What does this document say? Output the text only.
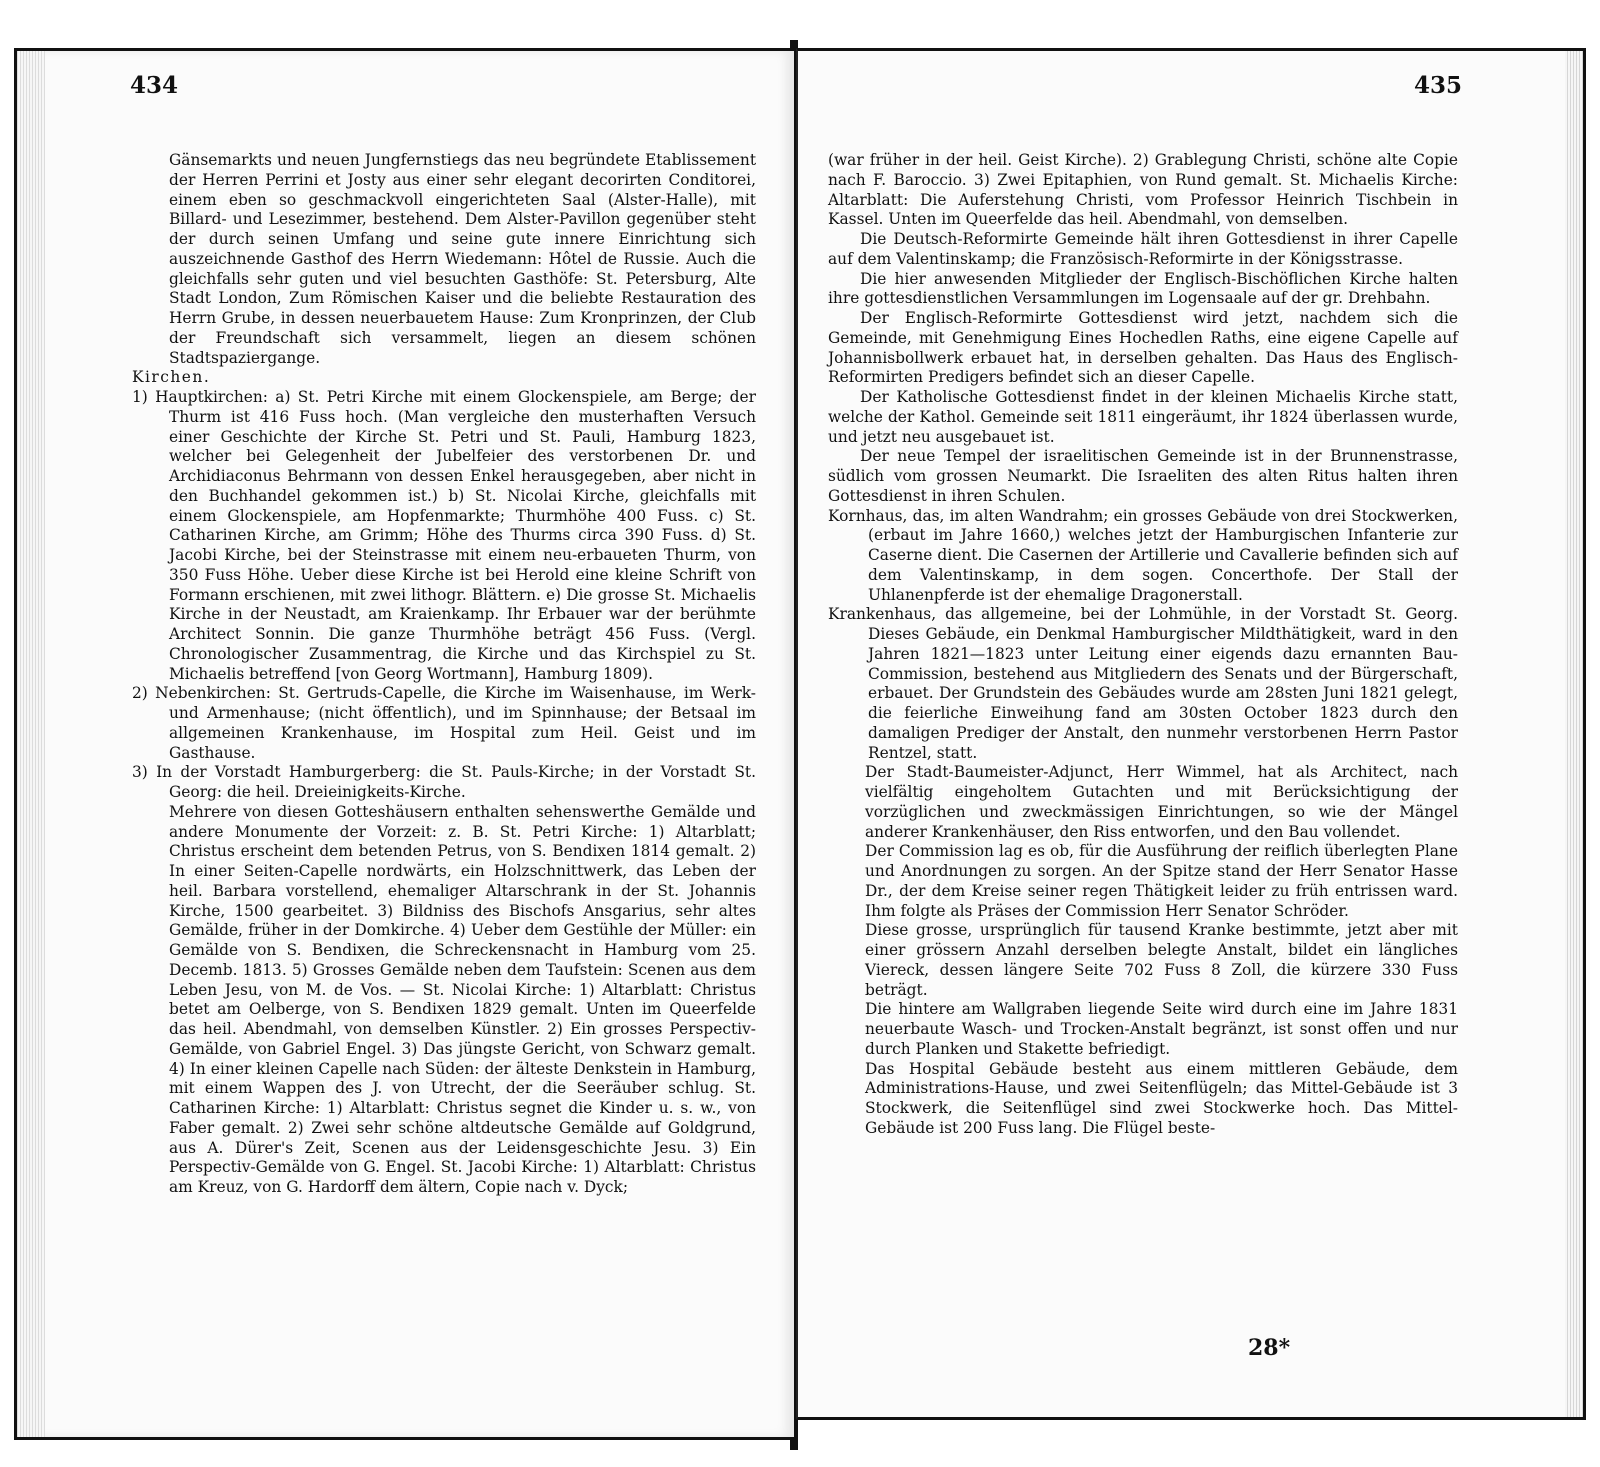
434	435

Gänsemarkts und neuen Jungfernstiegs das neu begründete Etablissement der Herren Perrini et Josty aus einer sehr elegant decorirten Conditorei, einem eben so geschmackvoll eingerichteten Saal (Alster-Halle), mit Billard- und Lesezimmer, bestehend. Dem Alster-Pavillon gegenüber steht der durch seinen Umfang und seine gute innere Einrichtung sich auszeichnende Gasthof des Herrn Wiedemann: Hôtel de Russie. Auch die gleichfalls sehr guten und viel besuchten Gasthöfe: St. Petersburg, Alte Stadt London, Zum Römischen Kaiser und die beliebte Restauration des Herrn Grube, in dessen neuerbauetem Hause: Zum Kronprinzen, der Club der Freundschaft sich versammelt, liegen an diesem schönen Stadtspaziergange.

Kirchen.

1) Hauptkirchen: a) St. Petri Kirche mit einem Glockenspiele, am Berge; der Thurm ist 416 Fuss hoch. (Man vergleiche den musterhaften Versuch einer Geschichte der Kirche St. Petri und St. Pauli, Hamburg 1823, welcher bei Gelegenheit der Jubelfeier des verstorbenen Dr. und Archidiaconus Behrmann von dessen Enkel herausgegeben, aber nicht in den Buchhandel gekommen ist.) b) St. Nicolai Kirche, gleichfalls mit einem Glockenspiele, am Hopfenmarkte; Thurmhöhe 400 Fuss. c) St. Catharinen Kirche, am Grimm; Höhe des Thurms circa 390 Fuss. d) St. Jacobi Kirche, bei der Steinstrasse mit einem neu-erbaueten Thurm, von 350 Fuss Höhe. Ueber diese Kirche ist bei Herold eine kleine Schrift von Formann erschienen, mit zwei lithogr. Blättern. e) Die grosse St. Michaelis Kirche in der Neustadt, am Kraienkamp. Ihr Erbauer war der berühmte Architect Sonnin. Die ganze Thurmhöhe beträgt 456 Fuss. (Vergl. Chronologischer Zusammentrag, die Kirche und das Kirchspiel zu St. Michaelis betreffend [von Georg Wortmann], Hamburg 1809).

2) Nebenkirchen: St. Gertruds-Capelle, die Kirche im Waisenhause, im Werk- und Armenhause; (nicht öffentlich), und im Spinnhause; der Betsaal im allgemeinen Krankenhause, im Hospital zum Heil. Geist und im Gasthause.

3) In der Vorstadt Hamburgerberg: die St. Pauls-Kirche; in der Vorstadt St. Georg: die heil. Dreieinigkeits-Kirche.

Mehrere von diesen Gotteshäusern enthalten sehenswerthe Gemälde und andere Monumente der Vorzeit: z. B. St. Petri Kirche: 1) Altarblatt; Christus erscheint dem betenden Petrus, von S. Bendixen 1814 gemalt. 2) In einer Seiten-Capelle nordwärts, ein Holzschnittwerk, das Leben der heil. Barbara vorstellend, ehemaliger Altarschrank in der St. Johannis Kirche, 1500 gearbeitet. 3) Bildniss des Bischofs Ansgarius, sehr altes Gemälde, früher in der Domkirche. 4) Ueber dem Gestühle der Müller: ein Gemälde von S. Bendixen, die Schreckensnacht in Hamburg vom 25. Decemb. 1813. 5) Grosses Gemälde neben dem Taufstein: Scenen aus dem Leben Jesu, von M. de Vos. — St. Nicolai Kirche: 1) Altarblatt: Christus betet am Oelberge, von S. Bendixen 1829 gemalt. Unten im Queerfelde das heil. Abendmahl, von demselben Künstler. 2) Ein grosses Perspectiv-Gemälde, von Gabriel Engel. 3) Das jüngste Gericht, von Schwarz gemalt. 4) In einer kleinen Capelle nach Süden: der älteste Denkstein in Hamburg, mit einem Wappen des J. von Utrecht, der die Seeräuber schlug. St. Catharinen Kirche: 1) Altarblatt: Christus segnet die Kinder u. s. w., von Faber gemalt. 2) Zwei sehr schöne altdeutsche Gemälde auf Goldgrund, aus A. Dürer's Zeit, Scenen aus der Leidensgeschichte Jesu. 3) Ein Perspectiv-Gemälde von G. Engel. St. Jacobi Kirche: 1) Altarblatt: Christus am Kreuz, von G. Hardorff dem ältern, Copie nach v. Dyck;

(war früher in der heil. Geist Kirche). 2) Grablegung Christi, schöne alte Copie nach F. Baroccio. 3) Zwei Epitaphien, von Rund gemalt. St. Michaelis Kirche: Altarblatt: Die Auferstehung Christi, vom Professor Heinrich Tischbein in Kassel. Unten im Queerfelde das heil. Abendmahl, von demselben.

Die Deutsch-Reformirte Gemeinde hält ihren Gottesdienst in ihrer Capelle auf dem Valentinskamp; die Französisch-Reformirte in der Königsstrasse.

Die hier anwesenden Mitglieder der Englisch-Bischöflichen Kirche halten ihre gottesdienstlichen Versammlungen im Logensaale auf der gr. Drehbahn.

Der Englisch-Reformirte Gottesdienst wird jetzt, nachdem sich die Gemeinde, mit Genehmigung Eines Hochedlen Raths, eine eigene Capelle auf Johannisbollwerk erbauet hat, in derselben gehalten. Das Haus des Englisch-Reformirten Predigers befindet sich an dieser Capelle.

Der Katholische Gottesdienst findet in der kleinen Michaelis Kirche statt, welche der Kathol. Gemeinde seit 1811 eingeräumt, ihr 1824 überlassen wurde, und jetzt neu ausgebauet ist.

Der neue Tempel der israelitischen Gemeinde ist in der Brunnenstrasse, südlich vom grossen Neumarkt. Die Israeliten des alten Ritus halten ihren Gottesdienst in ihren Schulen.

Kornhaus, das, im alten Wandrahm; ein grosses Gebäude von drei Stockwerken, (erbaut im Jahre 1660,) welches jetzt der Hamburgischen Infanterie zur Caserne dient. Die Casernen der Artillerie und Cavallerie befinden sich auf dem Valentinskamp, in dem sogen. Concerthofe. Der Stall der Uhlanenpferde ist der ehemalige Dragonerstall.

Krankenhaus, das allgemeine, bei der Lohmühle, in der Vorstadt St. Georg. Dieses Gebäude, ein Denkmal Hamburgischer Mildthätigkeit, ward in den Jahren 1821—1823 unter Leitung einer eigends dazu ernannten Bau-Commission, bestehend aus Mitgliedern des Senats und der Bürgerschaft, erbauet. Der Grundstein des Gebäudes wurde am 28sten Juni 1821 gelegt, die feierliche Einweihung fand am 30sten October 1823 durch den damaligen Prediger der Anstalt, den nunmehr verstorbenen Herrn Pastor Rentzel, statt.

Der Stadt-Baumeister-Adjunct, Herr Wimmel, hat als Architect, nach vielfältig eingeholtem Gutachten und mit Berücksichtigung der vorzüglichen und zweckmässigen Einrichtungen, so wie der Mängel anderer Krankenhäuser, den Riss entworfen, und den Bau vollendet.

Der Commission lag es ob, für die Ausführung der reiflich überlegten Plane und Anordnungen zu sorgen. An der Spitze stand der Herr Senator Hasse Dr., der dem Kreise seiner regen Thätigkeit leider zu früh entrissen ward. Ihm folgte als Präses der Commission Herr Senator Schröder.

Diese grosse, ursprünglich für tausend Kranke bestimmte, jetzt aber mit einer grössern Anzahl derselben belegte Anstalt, bildet ein längliches Viereck, dessen längere Seite 702 Fuss 8 Zoll, die kürzere 330 Fuss beträgt.

Die hintere am Wallgraben liegende Seite wird durch eine im Jahre 1831 neuerbaute Wasch- und Trocken-Anstalt begränzt, ist sonst offen und nur durch Planken und Stakette befriedigt.

Das Hospital Gebäude besteht aus einem mittleren Gebäude, dem Administrations-Hause, und zwei Seitenflügeln; das Mittel-Gebäude ist 3 Stockwerk, die Seitenflügel sind zwei Stockwerke hoch. Das Mittel-Gebäude ist 200 Fuss lang. Die Flügel beste-

28*
